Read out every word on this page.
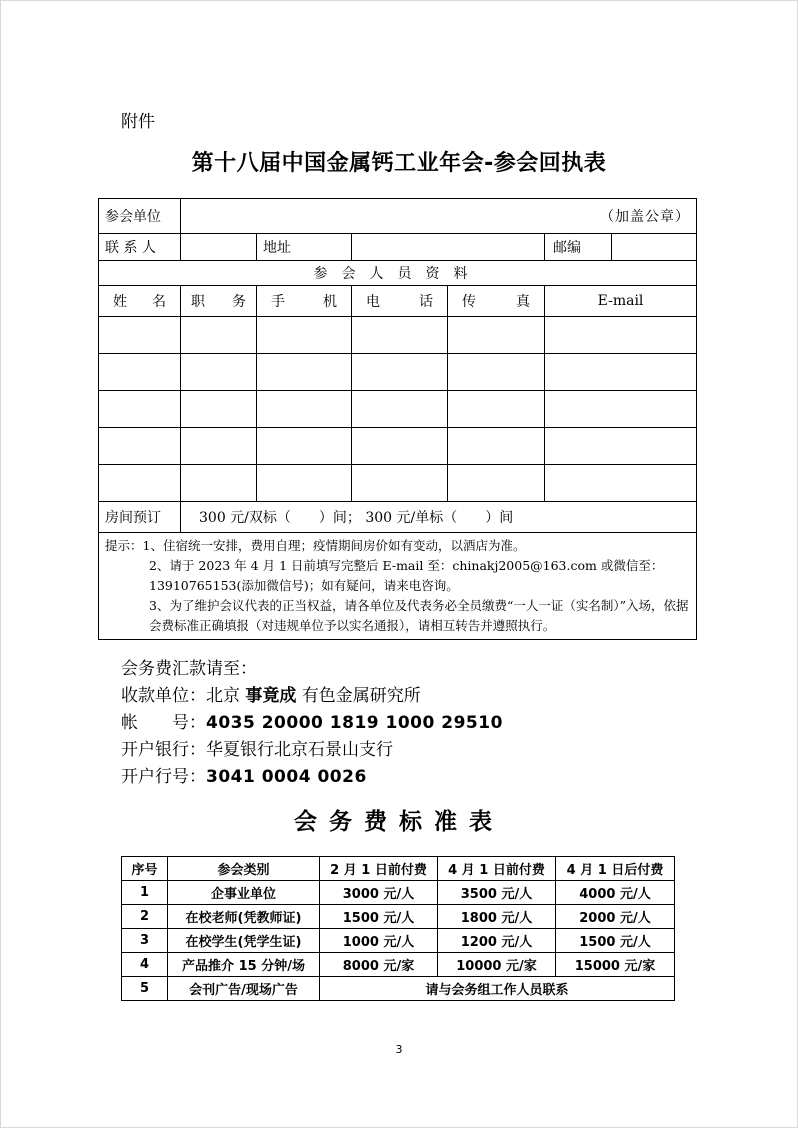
附件
第十八届中国金属钙工业年会-参会回执表
参会单位	（加盖公章）				

联 系 人		地址			邮编

参会人员资料					

姓 名	职 务	手 机	电 话	传 真	E-mail

房间预订	300 元/双标（　　）间； 300 元/单标（　　）间				

提示：1、住宿统一安排，费用自理；疫情期间房价如有变动，以酒店为准。
2、请于 2023 年 4 月 1 日前填写完整后 E-mail 至：chinakj2005@163.com 或微信至：13910765153(添加微信号)；如有疑问，请来电咨询。
3、为了维护会议代表的正当权益，请各单位及代表务必全员缴费“一人一证（实名制）”入场，依据会费标准正确填报（对违规单位予以实名通报），请相互转告并遵照执行。					
会务费汇款请至：
收款单位：北京 事竟成 有色金属研究所
帐　　号：4035 20000 1819 1000 29510
开户银行：华夏银行北京石景山支行
开户行号：3041 0004 0026
会务费标准表
序号	参会类别	2 月 1 日前付费	4 月 1 日前付费	4 月 1 日后付费
1	企事业单位	3000 元/人	3500 元/人	4000 元/人
2	在校老师(凭教师证)	1500 元/人	1800 元/人	2000 元/人
3	在校学生(凭学生证)	1000 元/人	1200 元/人	1500 元/人
4	产品推介 15 分钟/场	8000 元/家	10000 元/家	15000 元/家
5	会刊广告/现场广告	请与会务组工作人员联系		
3
